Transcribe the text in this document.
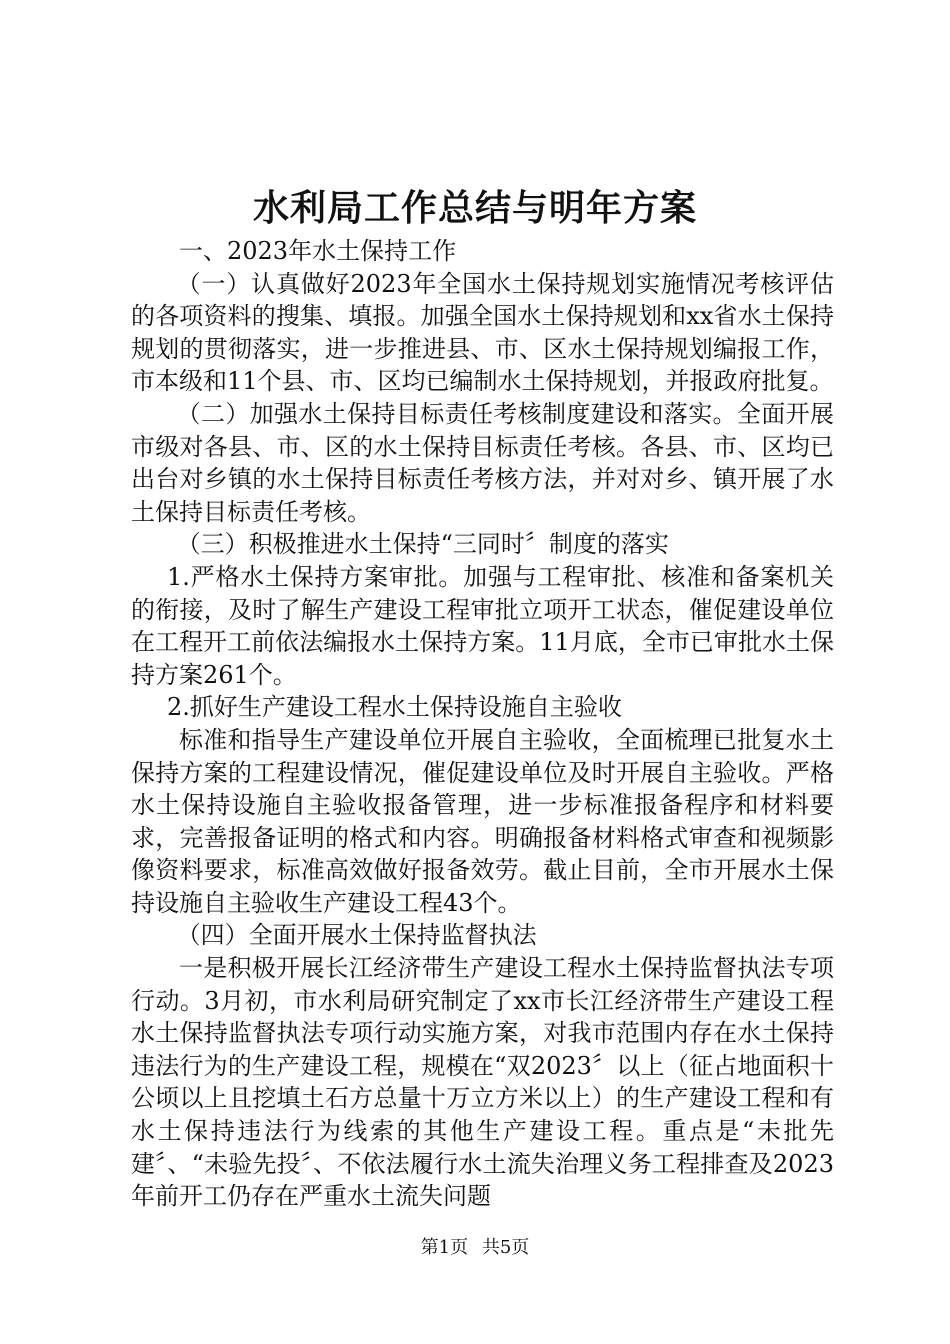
水利局工作总结与明年方案

一、2023年水土保持工作

（一）认真做好2023年全国水土保持规划实施情况考核评估的各项资料的搜集、填报。加强全国水土保持规划和xx省水土保持规划的贯彻落实，进一步推进县、市、区水土保持规划编报工作，市本级和11个县、市、区均已编制水土保持规划，并报政府批复。

（二）加强水土保持目标责任考核制度建设和落实。全面开展市级对各县、市、区的水土保持目标责任考核。各县、市、区均已出台对乡镇的水土保持目标责任考核方法，并对对乡、镇开展了水土保持目标责任考核。

（三）积极推进水土保持“三同时〞制度的落实

1.严格水土保持方案审批。加强与工程审批、核准和备案机关的衔接，及时了解生产建设工程审批立项开工状态，催促建设单位在工程开工前依法编报水土保持方案。11月底，全市已审批水土保持方案261个。

2.抓好生产建设工程水土保持设施自主验收

标准和指导生产建设单位开展自主验收，全面梳理已批复水土保持方案的工程建设情况，催促建设单位及时开展自主验收。严格水土保持设施自主验收报备管理，进一步标准报备程序和材料要求，完善报备证明的格式和内容。明确报备材料格式审查和视频影像资料要求，标准高效做好报备效劳。截止目前，全市开展水土保持设施自主验收生产建设工程43个。

（四）全面开展水土保持监督执法

一是积极开展长江经济带生产建设工程水土保持监督执法专项行动。3月初，市水利局研究制定了xx市长江经济带生产建设工程水土保持监督执法专项行动实施方案，对我市范围内存在水土保持违法行为的生产建设工程，规模在“双2023〞以上（征占地面积十公顷以上且挖填土石方总量十万立方米以上）的生产建设工程和有水土保持违法行为线索的其他生产建设工程。重点是“未批先建〞、“未验先投〞、不依法履行水土流失治理义务工程排查及2023年前开工仍存在严重水土流失问题

第1页 共5页
